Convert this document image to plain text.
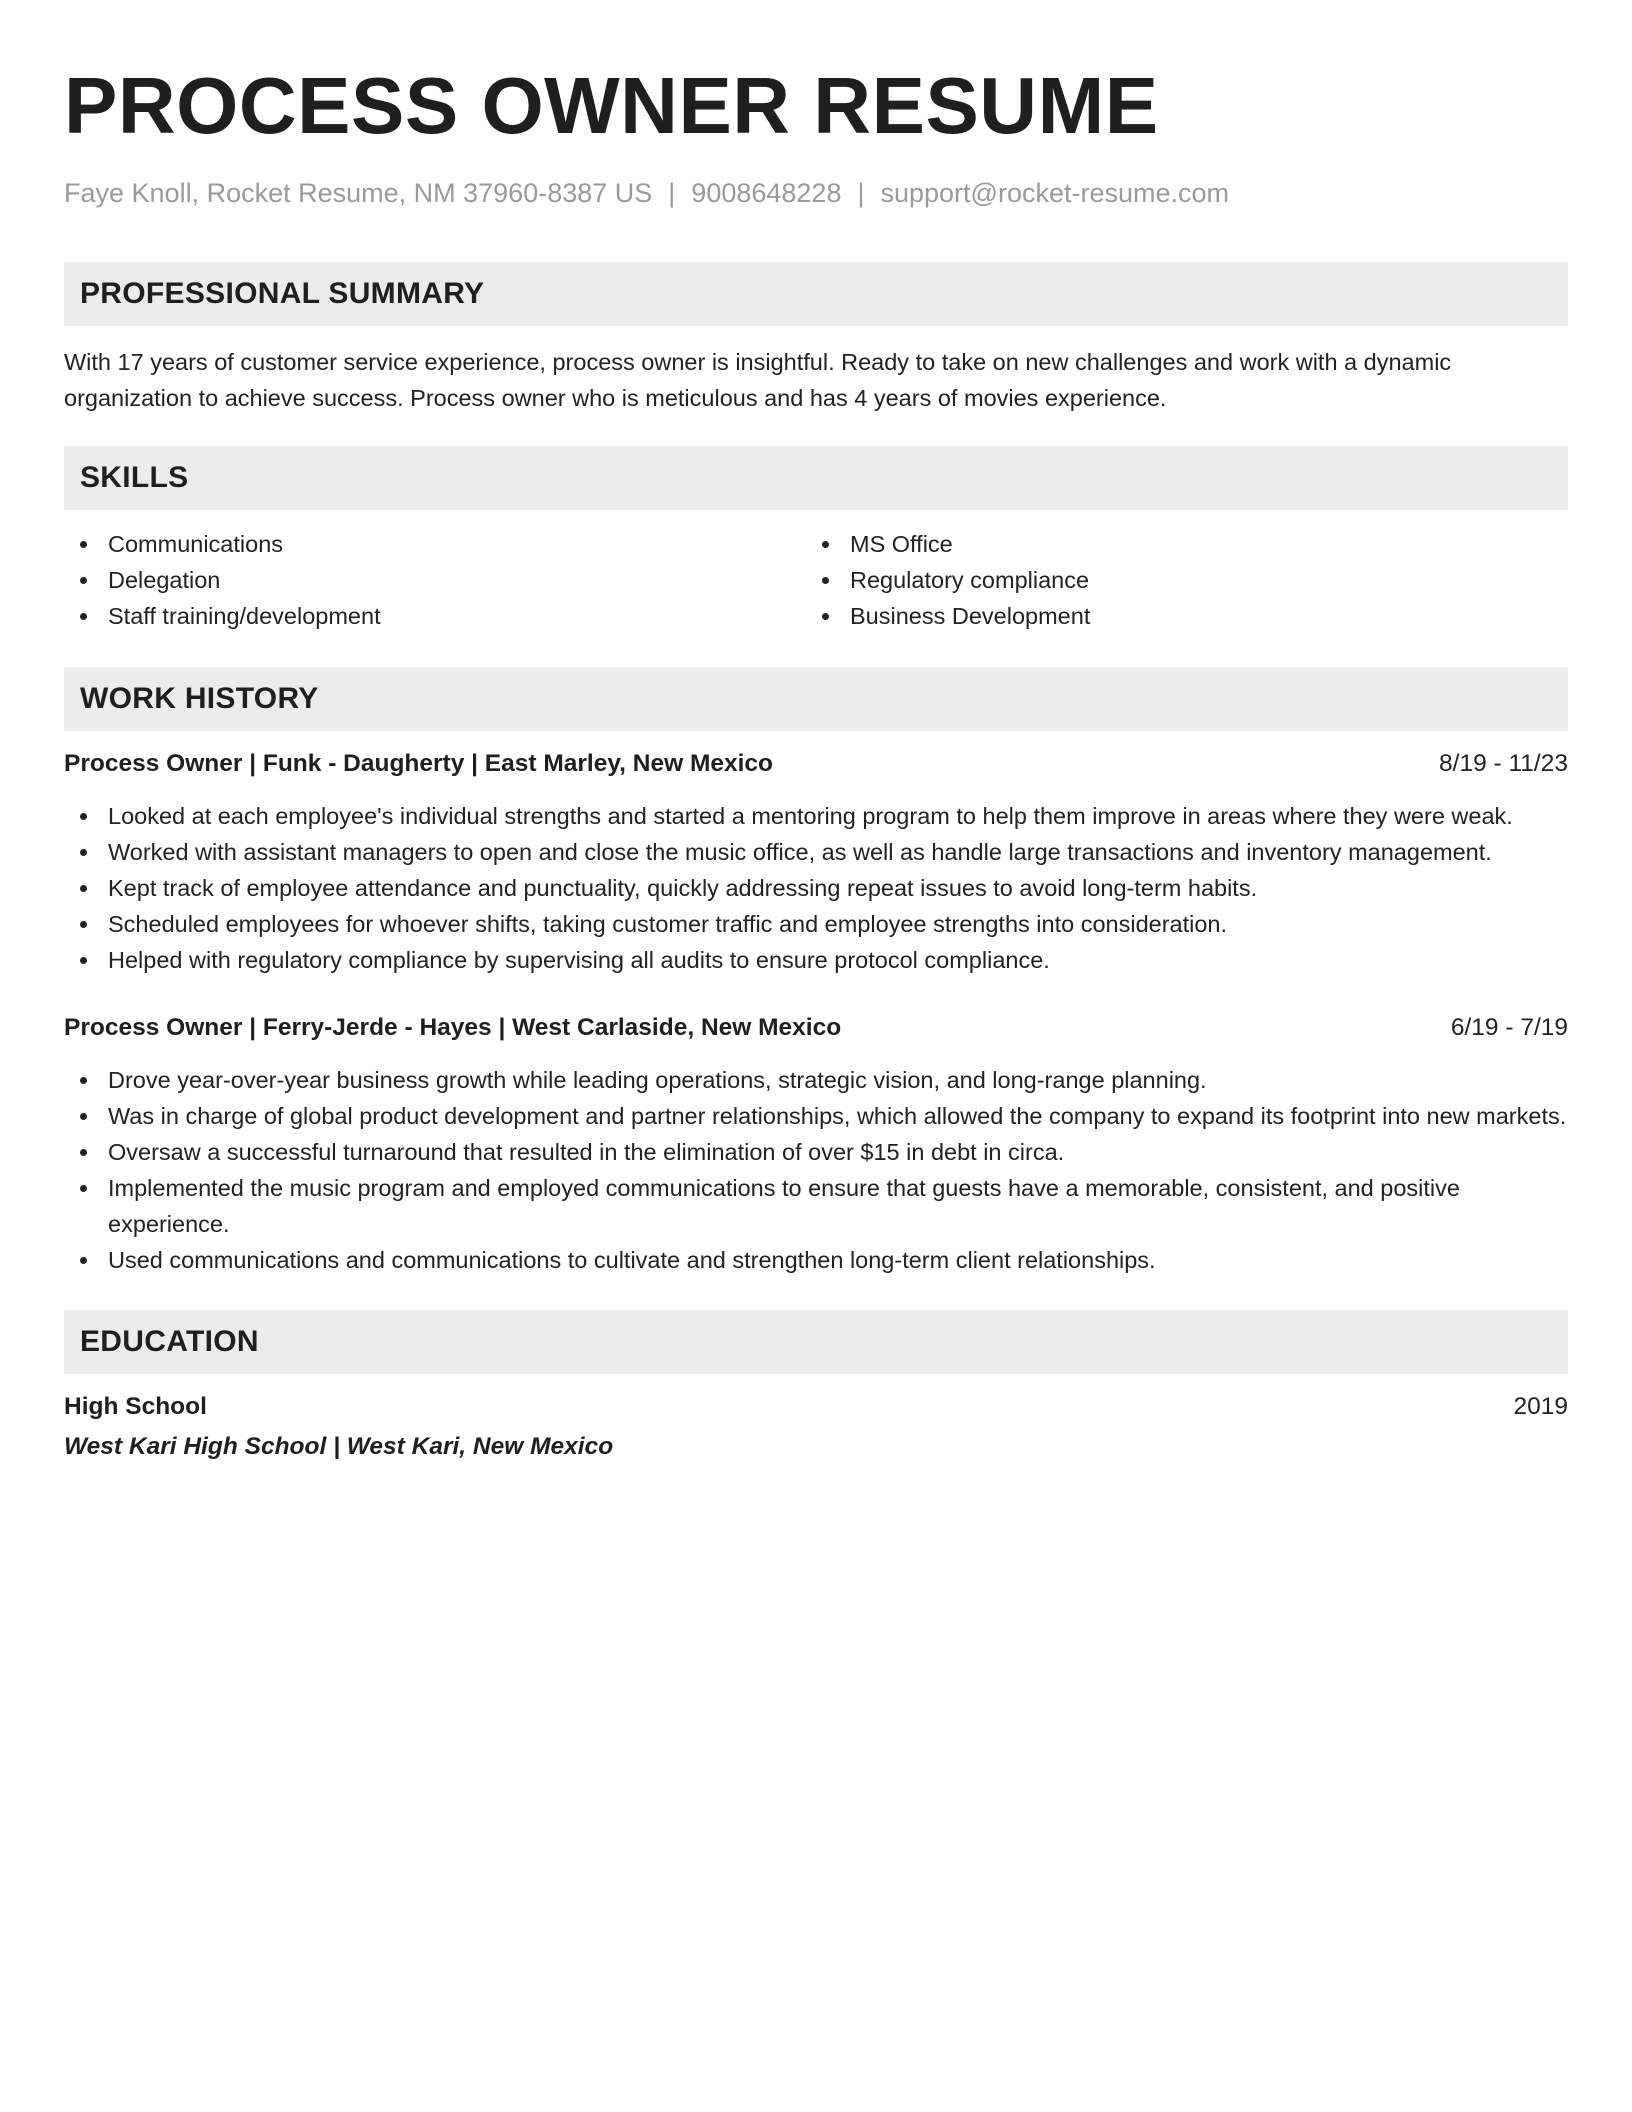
PROCESS OWNER RESUME
Faye Knoll, Rocket Resume, NM 37960-8387 US | 9008648228 | support@rocket-resume.com
PROFESSIONAL SUMMARY

With 17 years of customer service experience, process owner is insightful. Ready to take on new challenges and work with a dynamic organization to achieve success. Process owner who is meticulous and has 4 years of movies experience.

SKILLS
Communications
Delegation
Staff training/development
MS Office
Regulatory compliance
Business Development
WORK HISTORY
Process Owner | Funk - Daugherty | East Marley, New Mexico	8/19 - 11/23
Looked at each employee's individual strengths and started a mentoring program to help them improve in areas where they were weak.
Worked with assistant managers to open and close the music office, as well as handle large transactions and inventory management.
Kept track of employee attendance and punctuality, quickly addressing repeat issues to avoid long-term habits.
Scheduled employees for whoever shifts, taking customer traffic and employee strengths into consideration.
Helped with regulatory compliance by supervising all audits to ensure protocol compliance.
Process Owner | Ferry-Jerde - Hayes | West Carlaside, New Mexico	6/19 - 7/19
Drove year-over-year business growth while leading operations, strategic vision, and long-range planning.
Was in charge of global product development and partner relationships, which allowed the company to expand its footprint into new markets.
Oversaw a successful turnaround that resulted in the elimination of over $15 in debt in circa.
Implemented the music program and employed communications to ensure that guests have a memorable, consistent, and positive experience.
Used communications and communications to cultivate and strengthen long-term client relationships.
EDUCATION
High School	2019
West Kari High School | West Kari, New Mexico
